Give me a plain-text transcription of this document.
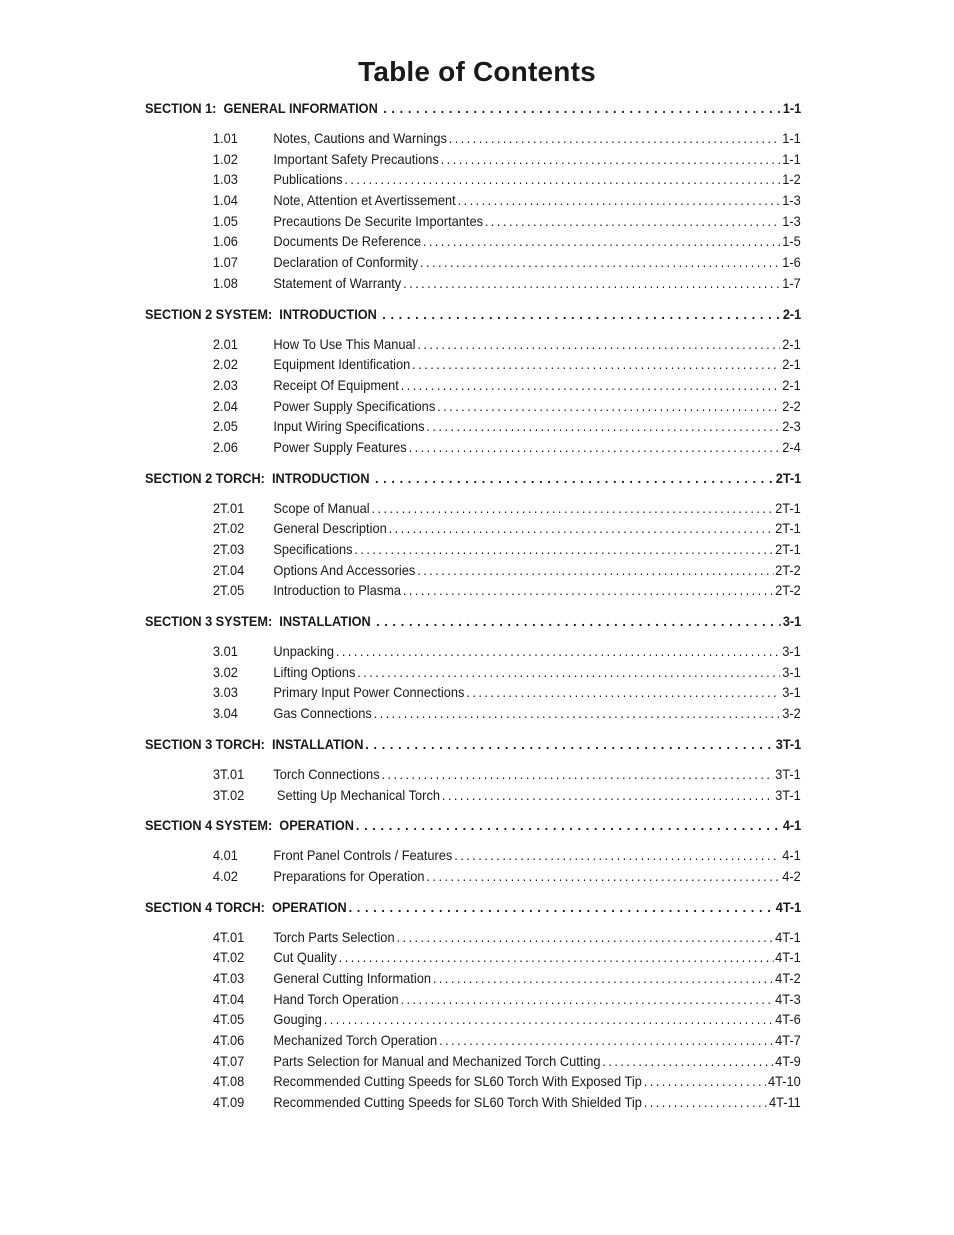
Table of Contents
SECTION 1:  GENERAL INFORMATION . . .	1-1
1.01	Notes, Cautions and Warnings . . .	1-1
1.02	Important Safety Precautions . . .	1-1
1.03	Publications . . .	1-2
1.04	Note, Attention et Avertissement . . .	1-3
1.05	Precautions De Securite Importantes . . .	1-3
1.06	Documents De Reference . . .	1-5
1.07	Declaration of Conformity . . .	1-6
1.08	Statement of Warranty . . .	1-7
SECTION 2 SYSTEM:  INTRODUCTION . . .	2-1
2.01	How To Use This Manual . . .	2-1
2.02	Equipment Identification . . .	2-1
2.03	Receipt Of Equipment . . .	2-1
2.04	Power Supply Specifications . . .	2-2
2.05	Input Wiring Specifications . . .	2-3
2.06	Power Supply Features . . .	2-4
SECTION 2 TORCH:  INTRODUCTION . . .	2T-1
2T.01	Scope of Manual . . .	2T-1
2T.02	General Description . . .	2T-1
2T.03	Specifications . . .	2T-1
2T.04	Options And Accessories . . .	2T-2
2T.05	Introduction to Plasma . . .	2T-2
SECTION 3 SYSTEM:  INSTALLATION . . .	3-1
3.01	Unpacking . . .	3-1
3.02	Lifting Options . . .	3-1
3.03	Primary Input Power Connections . . .	3-1
3.04	Gas Connections . . .	3-2
SECTION 3 TORCH:  INSTALLATION . . .	3T-1
3T.01	Torch Connections . . .	3T-1
3T.02	Setting Up Mechanical Torch . . .	3T-1
SECTION 4 SYSTEM:  OPERATION . . .	4-1
4.01	Front Panel Controls / Features . . .	4-1
4.02	Preparations for Operation . . .	4-2
SECTION 4 TORCH:  OPERATION . . .	4T-1
4T.01	Torch Parts Selection . . .	4T-1
4T.02	Cut Quality . . .	4T-1
4T.03	General Cutting Information . . .	4T-2
4T.04	Hand Torch Operation . . .	4T-3
4T.05	Gouging . . .	4T-6
4T.06	Mechanized Torch Operation . . .	4T-7
4T.07	Parts Selection for Manual and Mechanized Torch Cutting . . .	4T-9
4T.08	Recommended Cutting Speeds for SL60 Torch With Exposed Tip . . .	4T-10
4T.09	Recommended Cutting Speeds for SL60 Torch With Shielded Tip . . .	4T-11
